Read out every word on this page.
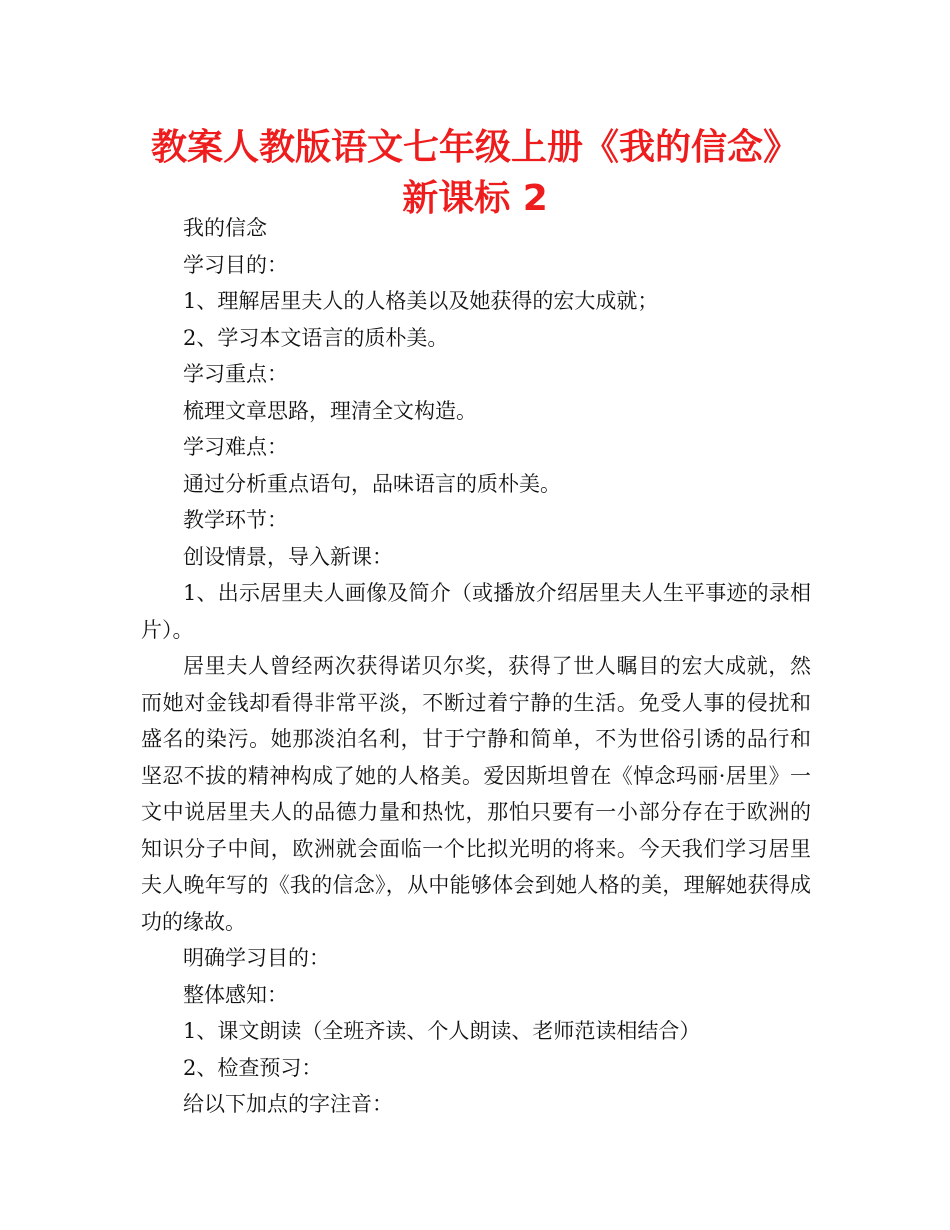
教案人教版语文七年级上册《我的信念》
新课标 2

我的信念

学习目的：

1、理解居里夫人的人格美以及她获得的宏大成就；

2、学习本文语言的质朴美。

学习重点：

梳理文章思路，理清全文构造。

学习难点：

通过分析重点语句，品味语言的质朴美。

教学环节：

创设情景，导入新课：

1、出示居里夫人画像及简介（或播放介绍居里夫人生平事迹的录相片）。

居里夫人曾经两次获得诺贝尔奖，获得了世人瞩目的宏大成就，然而她对金钱却看得非常平淡，不断过着宁静的生活。免受人事的侵扰和盛名的染污。她那淡泊名利，甘于宁静和简单，不为世俗引诱的品行和坚忍不拔的精神构成了她的人格美。爱因斯坦曾在《悼念玛丽·居里》一文中说居里夫人的品德力量和热忱，那怕只要有一小部分存在于欧洲的知识分子中间，欧洲就会面临一个比拟光明的将来。今天我们学习居里夫人晚年写的《我的信念》，从中能够体会到她人格的美，理解她获得成功的缘故。

明确学习目的：

整体感知：

1、课文朗读（全班齐读、个人朗读、老师范读相结合）

2、检查预习：

给以下加点的字注音：
